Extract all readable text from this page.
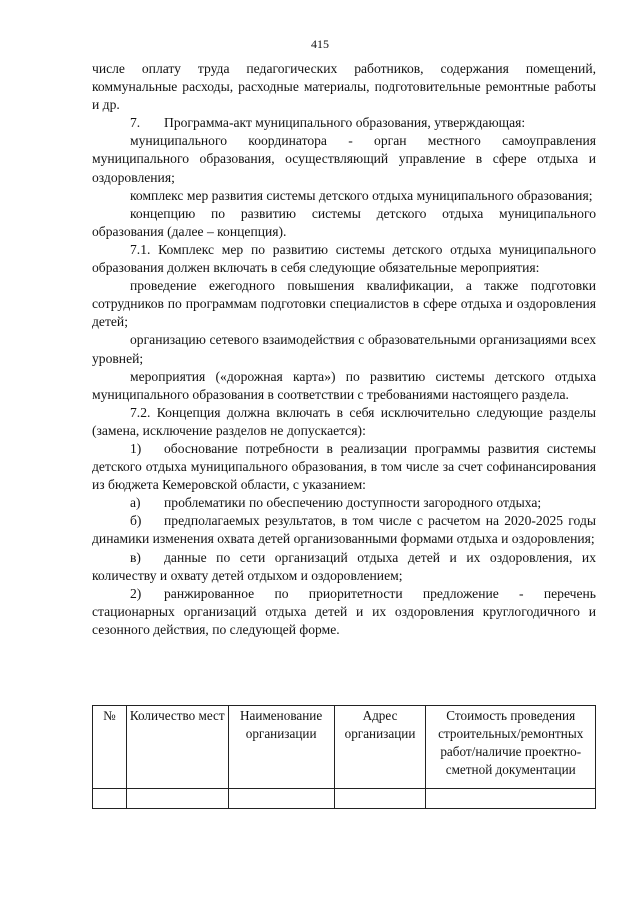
415

числе оплату труда педагогических работников, содержания помещений, коммунальные расходы, расходные материалы, подготовительные ремонтные работы и др.

7. Программа-акт муниципального образования, утверждающая:

муниципального координатора - орган местного самоуправления муниципального образования, осуществляющий управление в сфере отдыха и оздоровления;

комплекс мер развития системы детского отдыха муниципального образования;

концепцию по развитию системы детского отдыха муниципального образования (далее – концепция).

7.1. Комплекс мер по развитию системы детского отдыха муниципального образования должен включать в себя следующие обязательные мероприятия:

проведение ежегодного повышения квалификации, а также подготовки сотрудников по программам подготовки специалистов в сфере отдыха и оздоровления детей;

организацию сетевого взаимодействия с образовательными организациями всех уровней;

мероприятия («дорожная карта») по развитию системы детского отдыха муниципального образования в соответствии с требованиями настоящего раздела.

7.2. Концепция должна включать в себя исключительно следующие разделы (замена, исключение разделов не допускается):

1) обоснование потребности в реализации программы развития системы детского отдыха муниципального образования, в том числе за счет софинансирования из бюджета Кемеровской области, с указанием:

а) проблематики по обеспечению доступности загородного отдыха;

б) предполагаемых результатов, в том числе с расчетом на 2020-2025 годы динамики изменения охвата детей организованными формами отдыха и оздоровления;

в) данные по сети организаций отдыха детей и их оздоровления, их количеству и охвату детей отдыхом и оздоровлением;

2) ранжированное по приоритетности предложение - перечень стационарных организаций отдыха детей и их оздоровления круглогодичного и сезонного действия, по следующей форме.

№	Количество мест	Наименование организации	Адрес организации	Стоимость проведения строительных/ремонтных работ/наличие проектно-сметной документации
